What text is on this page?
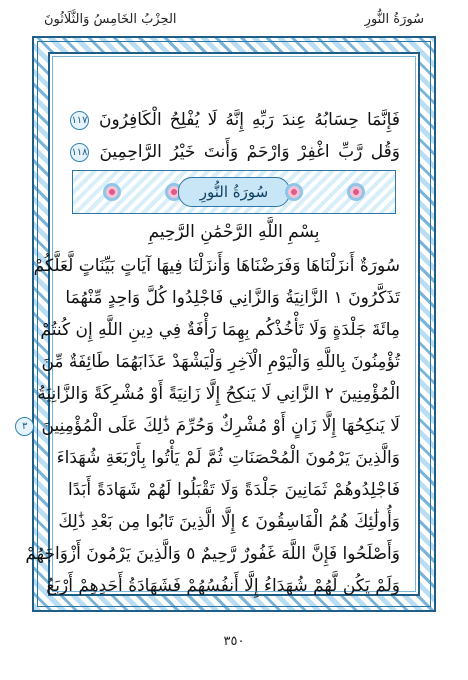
سُورَةُ النُّورِ
الحِزْبُ الخَامِسُ وَالثَّلَاثُونَ
فَإِنَّمَا حِسَابُهُ عِندَ رَبِّهِ إِنَّهُ لَا يُفْلِحُ الْكَافِرُونَ ١١٧
وَقُل رَّبِّ اغْفِرْ وَارْحَمْ وَأَنتَ خَيْرُ الرَّاحِمِينَ ١١٨
سُورَةُ النُّورِ
بِسْمِ اللَّهِ الرَّحْمَٰنِ الرَّحِيمِ
سُورَةٌ أَنزَلْنَاهَا وَفَرَضْنَاهَا وَأَنزَلْنَا فِيهَا آيَاتٍ بَيِّنَاتٍ لَّعَلَّكُمْ
تَذَكَّرُونَ ١ الزَّانِيَةُ وَالزَّانِي فَاجْلِدُوا كُلَّ وَاحِدٍ مِّنْهُمَا
مِائَةَ جَلْدَةٍ وَلَا تَأْخُذْكُم بِهِمَا رَأْفَةٌ فِي دِينِ اللَّهِ إِن كُنتُمْ
تُؤْمِنُونَ بِاللَّهِ وَالْيَوْمِ الْآخِرِ وَلْيَشْهَدْ عَذَابَهُمَا طَائِفَةٌ مِّنَ
الْمُؤْمِنِينَ ٢ الزَّانِي لَا يَنكِحُ إِلَّا زَانِيَةً أَوْ مُشْرِكَةً وَالزَّانِيَةُ
لَا يَنكِحُهَا إِلَّا زَانٍ أَوْ مُشْرِكٌ وَحُرِّمَ ذَٰلِكَ عَلَى الْمُؤْمِنِينَ ٣
وَالَّذِينَ يَرْمُونَ الْمُحْصَنَاتِ ثُمَّ لَمْ يَأْتُوا بِأَرْبَعَةِ شُهَدَاءَ
فَاجْلِدُوهُمْ ثَمَانِينَ جَلْدَةً وَلَا تَقْبَلُوا لَهُمْ شَهَادَةً أَبَدًا
وَأُولَٰئِكَ هُمُ الْفَاسِقُونَ ٤ إِلَّا الَّذِينَ تَابُوا مِن بَعْدِ ذَٰلِكَ
وَأَصْلَحُوا فَإِنَّ اللَّهَ غَفُورٌ رَّحِيمٌ ٥ وَالَّذِينَ يَرْمُونَ أَزْوَاجَهُمْ
وَلَمْ يَكُن لَّهُمْ شُهَدَاءُ إِلَّا أَنفُسُهُمْ فَشَهَادَةُ أَحَدِهِمْ أَرْبَعُ
٣٥٠
